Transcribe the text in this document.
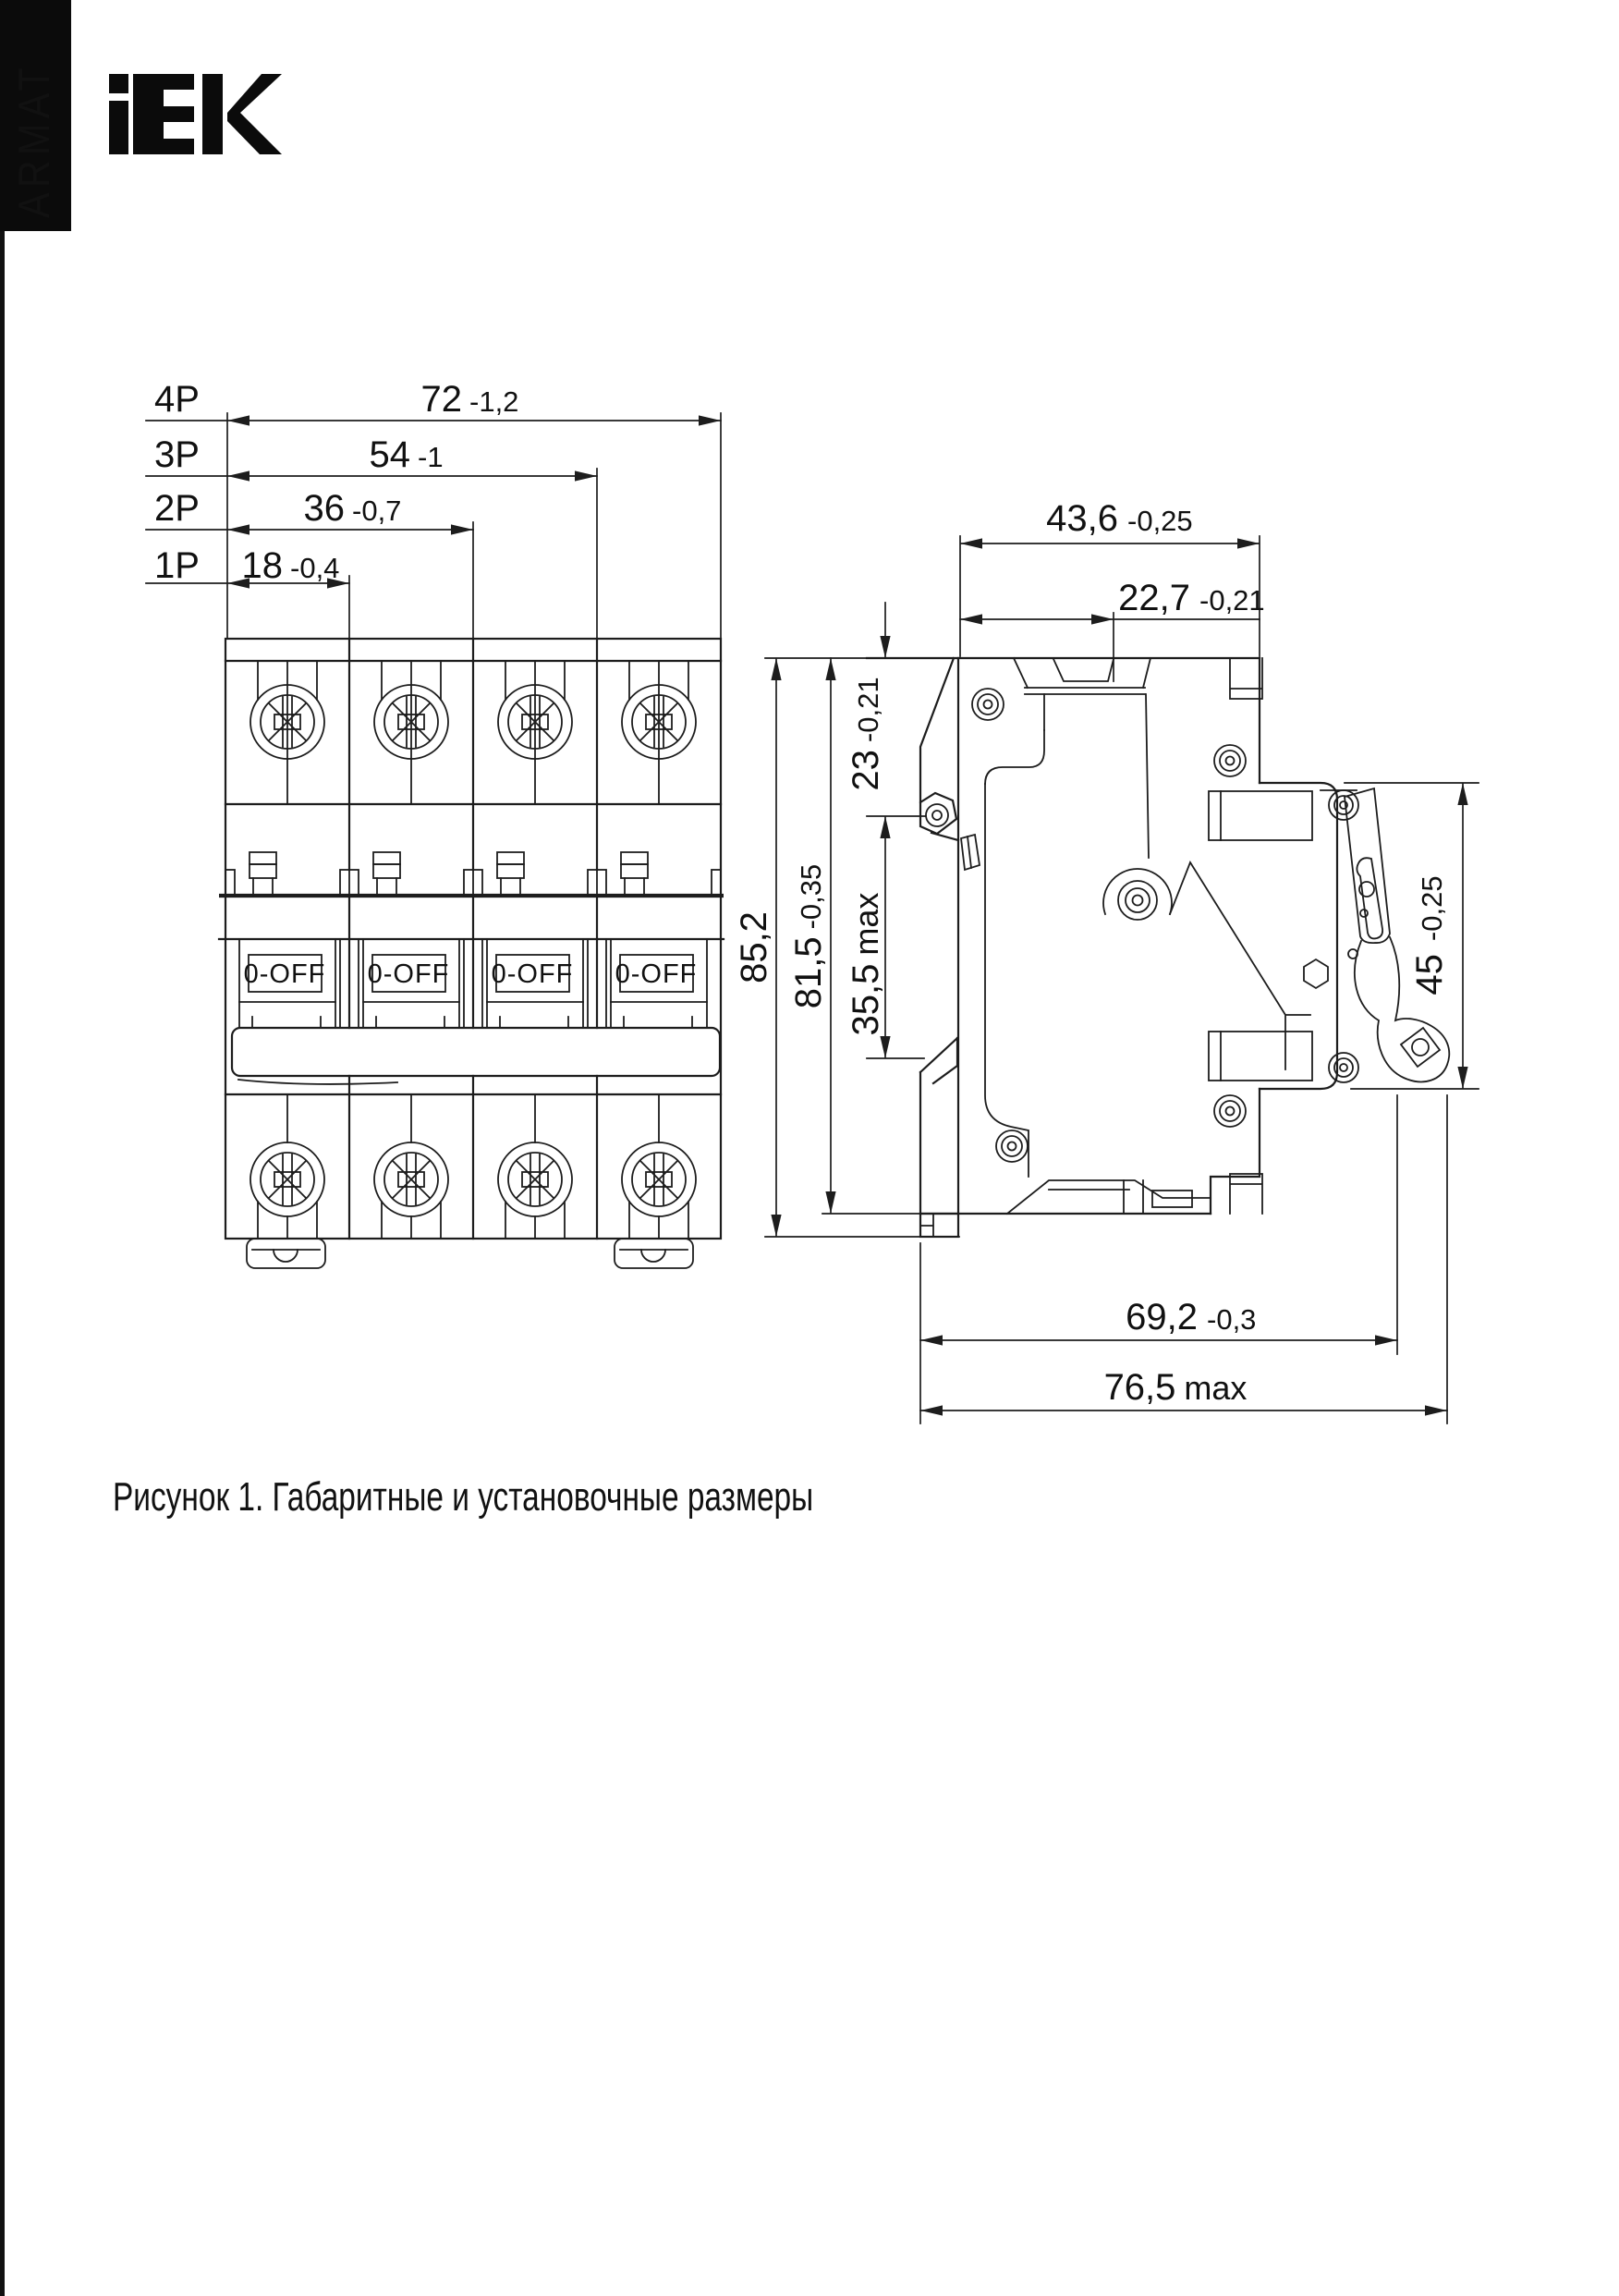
ARMAT
0-OFF 0-OFF 0-OFF 0-OFF
4P
3P
2P
1P
72 -1,2
54 -1
36 -0,7
18 -0,4
43,6 -0,25
22,7 -0,21
23-0,21
35,5max
81,5-0,35
85,2	45-0,25
69,2 -0,3
76,5 max
Рисунок 1. Габаритные и установочные размеры
